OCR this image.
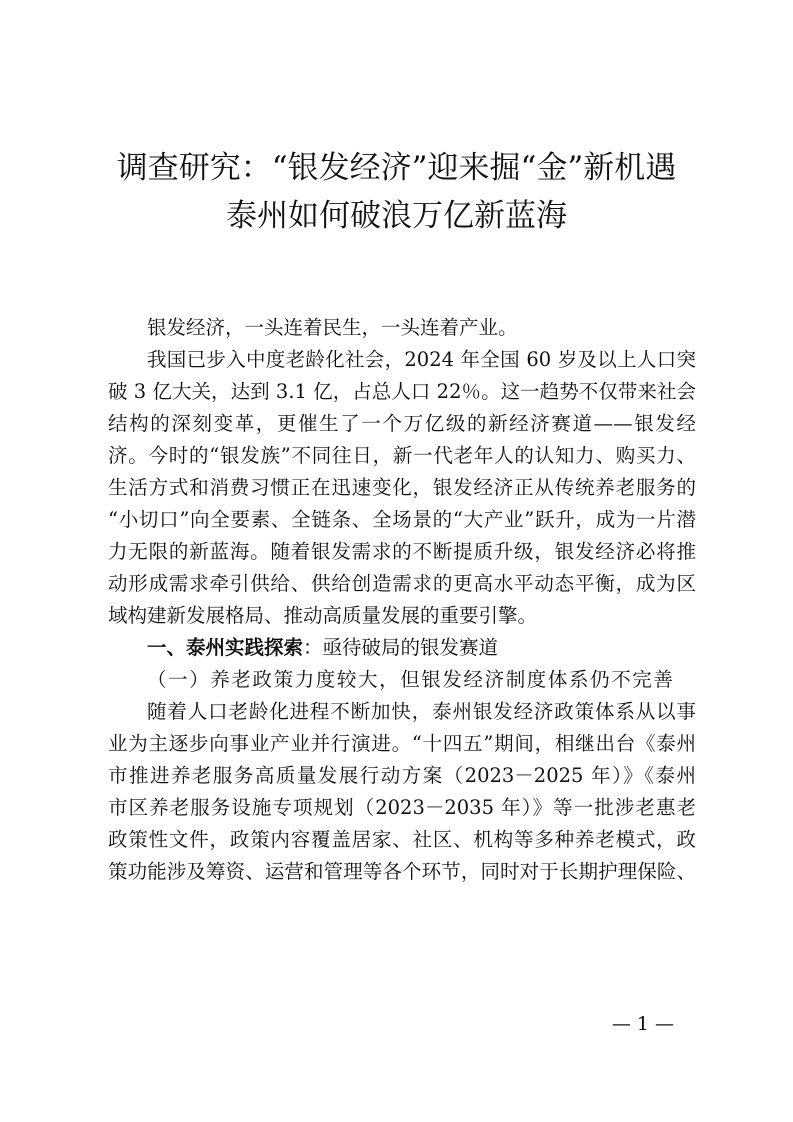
调查研究：“银发经济”迎来掘“金”新机遇
泰州如何破浪万亿新蓝海
银发经济，一头连着民生，一头连着产业。
我国已步入中度老龄化社会，2024 年全国 60 岁及以上人口突
破 3 亿大关，达到 3.1 亿，占总人口 22％。这一趋势不仅带来社会
结构的深刻变革，更催生了一个万亿级的新经济赛道——银发经
济。今时的“银发族”不同往日，新一代老年人的认知力、购买力、
生活方式和消费习惯正在迅速变化，银发经济正从传统养老服务的
“小切口”向全要素、全链条、全场景的“大产业”跃升，成为一片潜
力无限的新蓝海。随着银发需求的不断提质升级，银发经济必将推
动形成需求牵引供给、供给创造需求的更高水平动态平衡，成为区
域构建新发展格局、推动高质量发展的重要引擎。
一、泰州实践探索：亟待破局的银发赛道
（一）养老政策力度较大，但银发经济制度体系仍不完善
随着人口老龄化进程不断加快，泰州银发经济政策体系从以事
业为主逐步向事业产业并行演进。“十四五”期间，相继出台《泰州
市推进养老服务高质量发展行动方案（2023－2025 年）》《泰州
市区养老服务设施专项规划（2023－2035 年）》等一批涉老惠老
政策性文件，政策内容覆盖居家、社区、机构等多种养老模式，政
策功能涉及筹资、运营和管理等各个环节，同时对于长期护理保险、
— 1 —
